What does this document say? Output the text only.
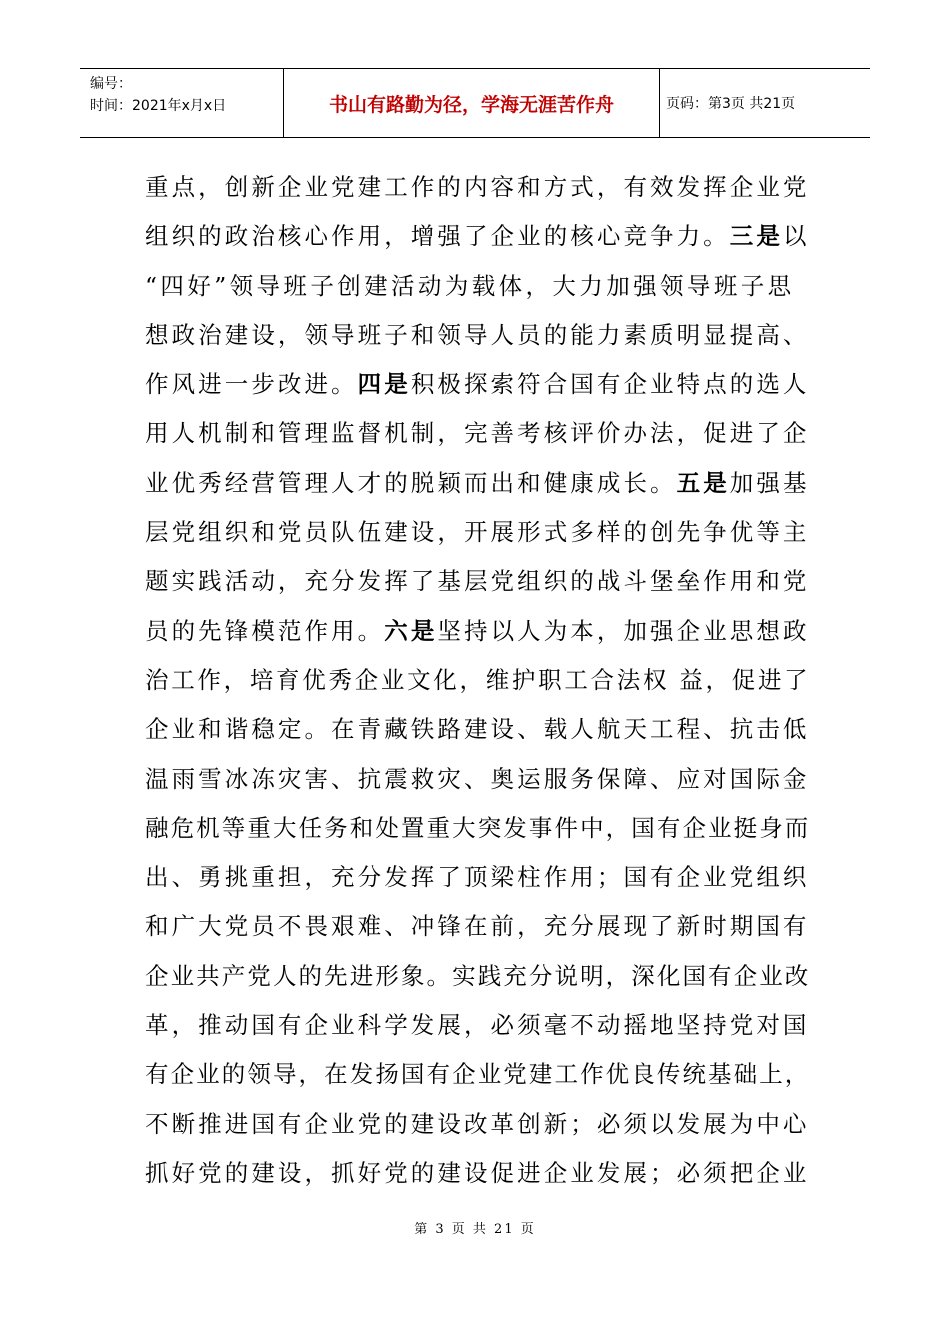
编号：
时间：2021年x月x日	书山有路勤为径，学海无涯苦作舟	页码：第3页 共21页
重点，创新企业党建工作的内容和方式，有效发挥企业党
组织的政治核心作用，增强了企业的核心竞争力。三是以
“四好”领导班子创建活动为载体，大力加强领导班子思
想政治建设，领导班子和领导人员的能力素质明显提高、
作风进一步改进。四是积极探索符合国有企业特点的选人
用人机制和管理监督机制，完善考核评价办法，促进了企
业优秀经营管理人才的脱颖而出和健康成长。五是加强基
层党组织和党员队伍建设，开展形式多样的创先争优等主
题实践活动，充分发挥了基层党组织的战斗堡垒作用和党
员的先锋模范作用。六是坚持以人为本，加强企业思想政
治工作，培育优秀企业文化，维护职工合法权 益，促进了
企业和谐稳定。在青藏铁路建设、载人航天工程、抗击低
温雨雪冰冻灾害、抗震救灾、奥运服务保障、应对国际金
融危机等重大任务和处置重大突发事件中，国有企业挺身而
出、勇挑重担，充分发挥了顶梁柱作用；国有企业党组织
和广大党员不畏艰难、冲锋在前，充分展现了新时期国有
企业共产党人的先进形象。实践充分说明，深化国有企业改
革，推动国有企业科学发展，必须毫不动摇地坚持党对国
有企业的领导，在发扬国有企业党建工作优良传统基础上，
不断推进国有企业党的建设改革创新；必须以发展为中心
抓好党的建设，抓好党的建设促进企业发展；必须把企业
第 3 页 共 21 页
